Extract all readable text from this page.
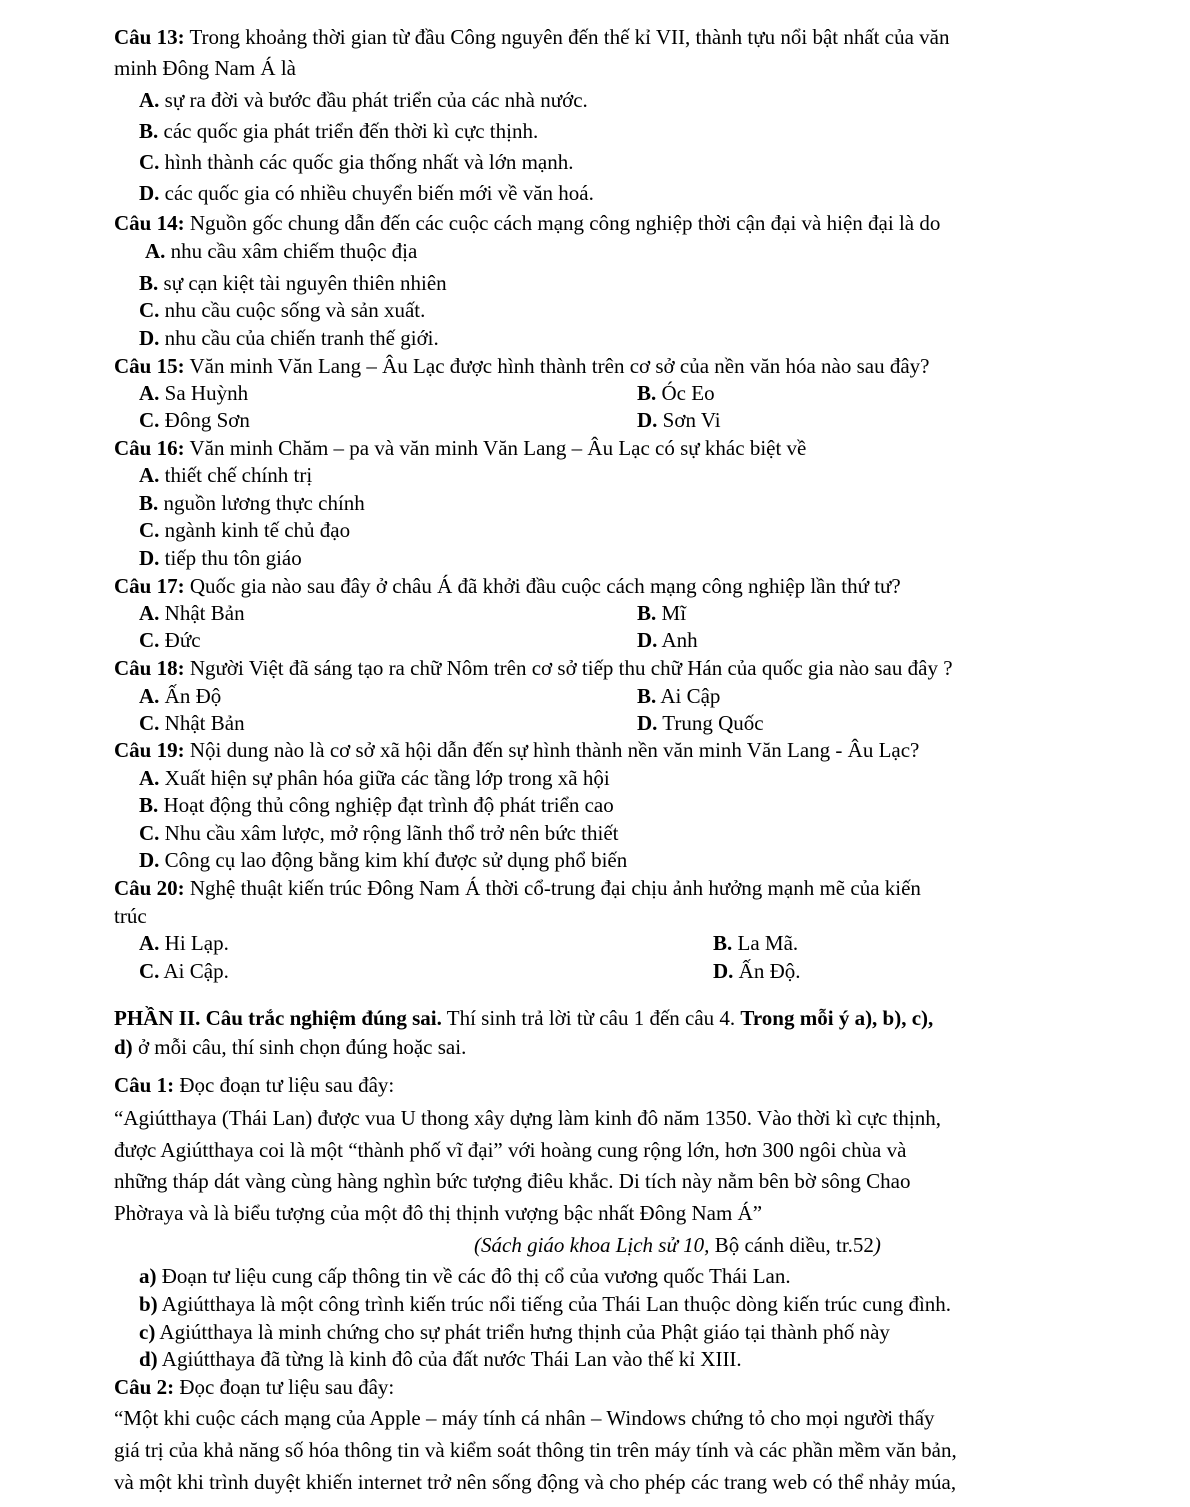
Câu 13: Trong khoảng thời gian từ đầu Công nguyên đến thế kỉ VII, thành tựu nổi bật nhất của văn
minh Đông Nam Á là
A. sự ra đời và bước đầu phát triển của các nhà nước.
B. các quốc gia phát triển đến thời kì cực thịnh.
C. hình thành các quốc gia thống nhất và lớn mạnh.
D. các quốc gia có nhiều chuyển biến mới về văn hoá.
Câu 14: Nguồn gốc chung dẫn đến các cuộc cách mạng công nghiệp thời cận đại và hiện đại là do
A. nhu cầu xâm chiếm thuộc địa
B. sự cạn kiệt tài nguyên thiên nhiên
C. nhu cầu cuộc sống và sản xuất.
D. nhu cầu của chiến tranh thế giới.
Câu 15: Văn minh Văn Lang – Âu Lạc được hình thành trên cơ sở của nền văn hóa nào sau đây?
A. Sa Huỳnh	B. Óc Eo
C. Đông Sơn	D. Sơn Vi
Câu 16: Văn minh Chăm – pa và văn minh Văn Lang – Âu Lạc có sự khác biệt về
A. thiết chế chính trị
B. nguồn lương thực chính
C. ngành kinh tế chủ đạo
D. tiếp thu tôn giáo
Câu 17: Quốc gia nào sau đây ở châu Á đã khởi đầu cuộc cách mạng công nghiệp lần thứ tư?
A. Nhật Bản	B. Mĩ
C. Đức	D. Anh
Câu 18: Người Việt đã sáng tạo ra chữ Nôm trên cơ sở tiếp thu chữ Hán của quốc gia nào sau đây ?
A. Ấn Độ	B. Ai Cập
C. Nhật Bản	D. Trung Quốc
Câu 19: Nội dung nào là cơ sở xã hội dẫn đến sự hình thành nền văn minh Văn Lang - Âu Lạc?
A. Xuất hiện sự phân hóa giữa các tầng lớp trong xã hội
B. Hoạt động thủ công nghiệp đạt trình độ phát triển cao
C. Nhu cầu xâm lược, mở rộng lãnh thổ trở nên bức thiết
D. Công cụ lao động bằng kim khí được sử dụng phổ biến
Câu 20: Nghệ thuật kiến trúc Đông Nam Á thời cổ-trung đại chịu ảnh hưởng mạnh mẽ của kiến
trúc
A. Hi Lạp.	B. La Mã.
C. Ai Cập.	D. Ấn Độ.
PHẦN II. Câu trắc nghiệm đúng sai. Thí sinh trả lời từ câu 1 đến câu 4. Trong mỗi ý a), b), c),
d) ở mỗi câu, thí sinh chọn đúng hoặc sai.
Câu 1: Đọc đoạn tư liệu sau đây:
“Agiútthaya (Thái Lan) được vua U thong xây dựng làm kinh đô năm 1350. Vào thời kì cực thịnh,
được Agiútthaya coi là một “thành phố vĩ đại” với hoàng cung rộng lớn, hơn 300 ngôi chùa và
những tháp dát vàng cùng hàng nghìn bức tượng điêu khắc. Di tích này nằm bên bờ sông Chao
Phờraya và là biểu tượng của một đô thị thịnh vượng bậc nhất Đông Nam Á”
(Sách giáo khoa Lịch sử 10, Bộ cánh diều, tr.52)
a) Đoạn tư liệu cung cấp thông tin về các đô thị cổ của vương quốc Thái Lan.
b) Agiútthaya là một công trình kiến trúc nổi tiếng của Thái Lan thuộc dòng kiến trúc cung đình.
c) Agiútthaya là minh chứng cho sự phát triển hưng thịnh của Phật giáo tại thành phố này
d) Agiútthaya đã từng là kinh đô của đất nước Thái Lan vào thế kỉ XIII.
Câu 2: Đọc đoạn tư liệu sau đây:
“Một khi cuộc cách mạng của Apple – máy tính cá nhân – Windows chứng tỏ cho mọi người thấy
giá trị của khả năng số hóa thông tin và kiểm soát thông tin trên máy tính và các phần mềm văn bản,
và một khi trình duyệt khiến internet trở nên sống động và cho phép các trang web có thể nhảy múa,
